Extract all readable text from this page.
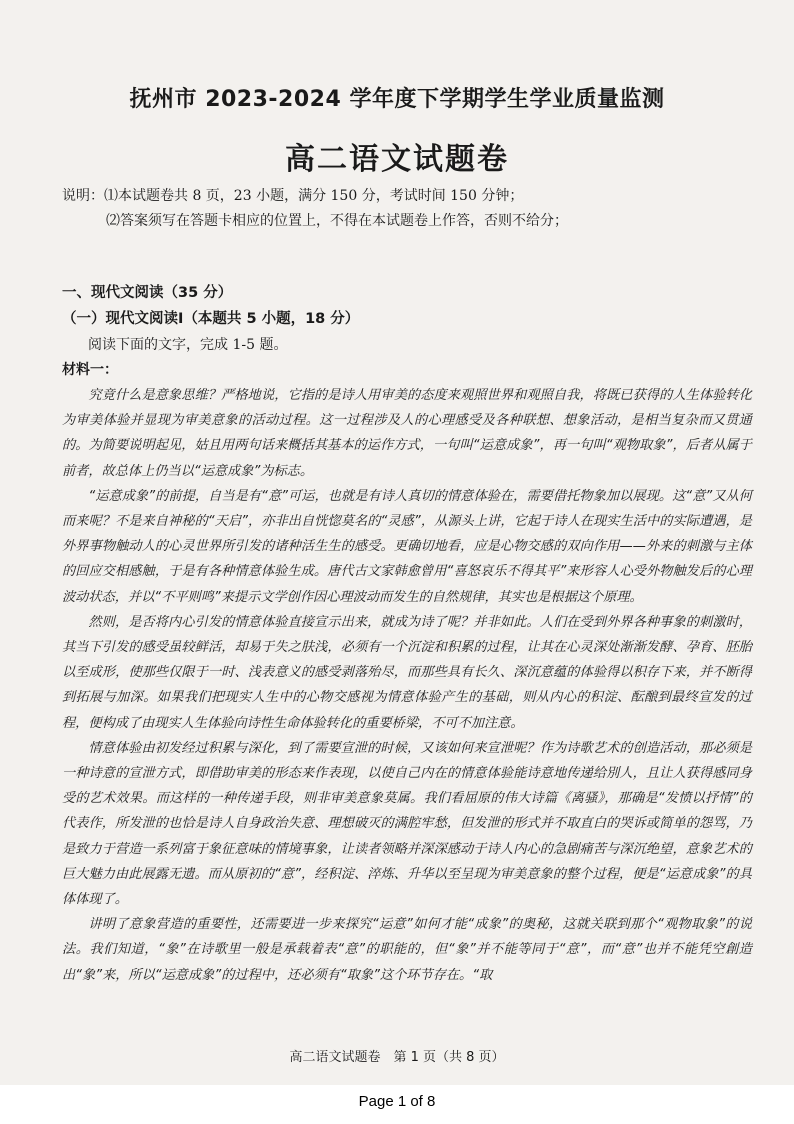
抚州市 2023-2024 学年度下学期学生学业质量监测
高二语文试题卷
说明：⑴本试题卷共 8 页，23 小题，满分 150 分，考试时间 150 分钟；
⑵答案须写在答题卡相应的位置上，不得在本试题卷上作答，否则不给分；
一、现代文阅读（35 分）
（一）现代文阅读Ⅰ（本题共 5 小题，18 分）
阅读下面的文字，完成 1-5 题。
材料一：

究竟什么是意象思维？严格地说，它指的是诗人用审美的态度来观照世界和观照自我，将既已获得的人生体验转化为审美体验并显现为审美意象的活动过程。这一过程涉及人的心理感受及各种联想、想象活动，是相当复杂而又贯通的。为简要说明起见，姑且用两句话来概括其基本的运作方式，一句叫“运意成象”，再一句叫“观物取象”，后者从属于前者，故总体上仍当以“运意成象”为标志。

“运意成象”的前提，自当是有“意”可运，也就是有诗人真切的情意体验在，需要借托物象加以展现。这“意”又从何而来呢？不是来自神秘的“天启”，亦非出自恍惚莫名的“灵感”，从源头上讲，它起于诗人在现实生活中的实际遭遇，是外界事物触动人的心灵世界所引发的诸种活生生的感受。更确切地看，应是心物交感的双向作用——外来的刺激与主体的回应交相感触，于是有各种情意体验生成。唐代古文家韩愈曾用“喜怒哀乐不得其平”来形容人心受外物触发后的心理波动状态，并以“不平则鸣”来提示文学创作因心理波动而发生的自然规律，其实也是根据这个原理。

然则，是否将内心引发的情意体验直接宣示出来，就成为诗了呢？并非如此。人们在受到外界各种事象的刺激时，其当下引发的感受虽较鲜活，却易于失之肤浅，必须有一个沉淀和积累的过程，让其在心灵深处渐渐发酵、孕育、胚胎以至成形，使那些仅限于一时、浅表意义的感受剥落殆尽，而那些具有长久、深沉意蕴的体验得以积存下来，并不断得到拓展与加深。如果我们把现实人生中的心物交感视为情意体验产生的基础，则从内心的积淀、酝酿到最终宣发的过程，便构成了由现实人生体验向诗性生命体验转化的重要桥梁，不可不加注意。

情意体验由初发经过积累与深化，到了需要宣泄的时候，又该如何来宣泄呢？作为诗歌艺术的创造活动，那必须是一种诗意的宣泄方式，即借助审美的形态来作表现，以使自己内在的情意体验能诗意地传递给別人，且让人获得感同身受的艺术效果。而这样的一种传递手段，则非审美意象莫属。我们看屈原的伟大诗篇《离骚》，那确是“发愤以抒情”的代表作，所发泄的也恰是诗人自身政治失意、理想破灭的满腔牢愁，但发泄的形式并不取直白的哭诉或简单的怨骂，乃是致力于营造一系列富于象征意味的情境事象，让读者领略并深深感动于诗人内心的急剧痛苦与深沉绝望，意象艺术的巨大魅力由此展露无遗。而从原初的“意”，经积淀、淬炼、升华以至呈现为审美意象的整个过程，便是“运意成象”的具体体现了。

讲明了意象营造的重要性，还需要进一步来探究“运意”如何才能“成象”的奥秘，这就关联到那个“观物取象”的说法。我们知道，“象”在诗歌里一般是承载着表“意”的职能的，但“象”并不能等同于“意”，而“意”也并不能凭空創造出“象”来，所以“运意成象”的过程中，还必须有“取象”这个环节存在。“取

高二语文试题卷　第 1 页（共 8 页）
Page 1 of 8
